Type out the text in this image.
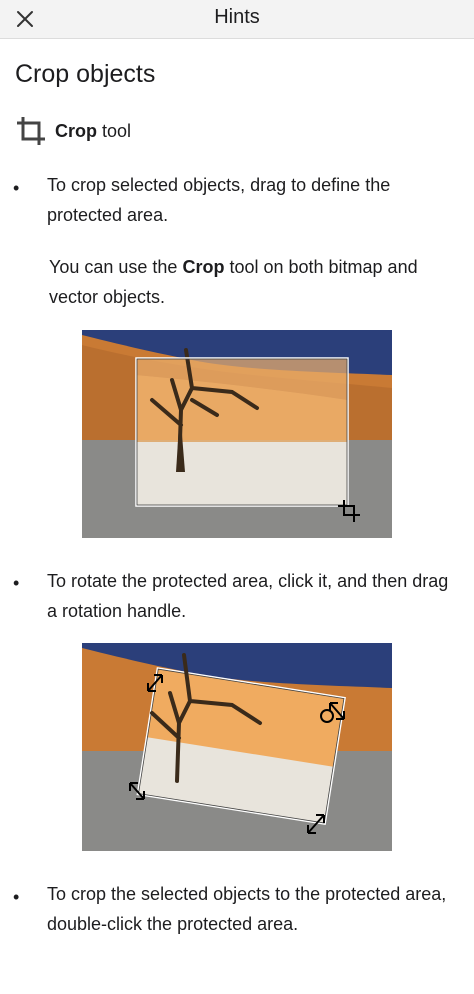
Hints
Crop objects
Crop tool
• To crop selected objects, drag to define the protected area.
You can use the Crop tool on both bitmap and vector objects.
• To rotate the protected area, click it, and then drag a rotation handle.
• To crop the selected objects to the protected area, double-click the protected area.
